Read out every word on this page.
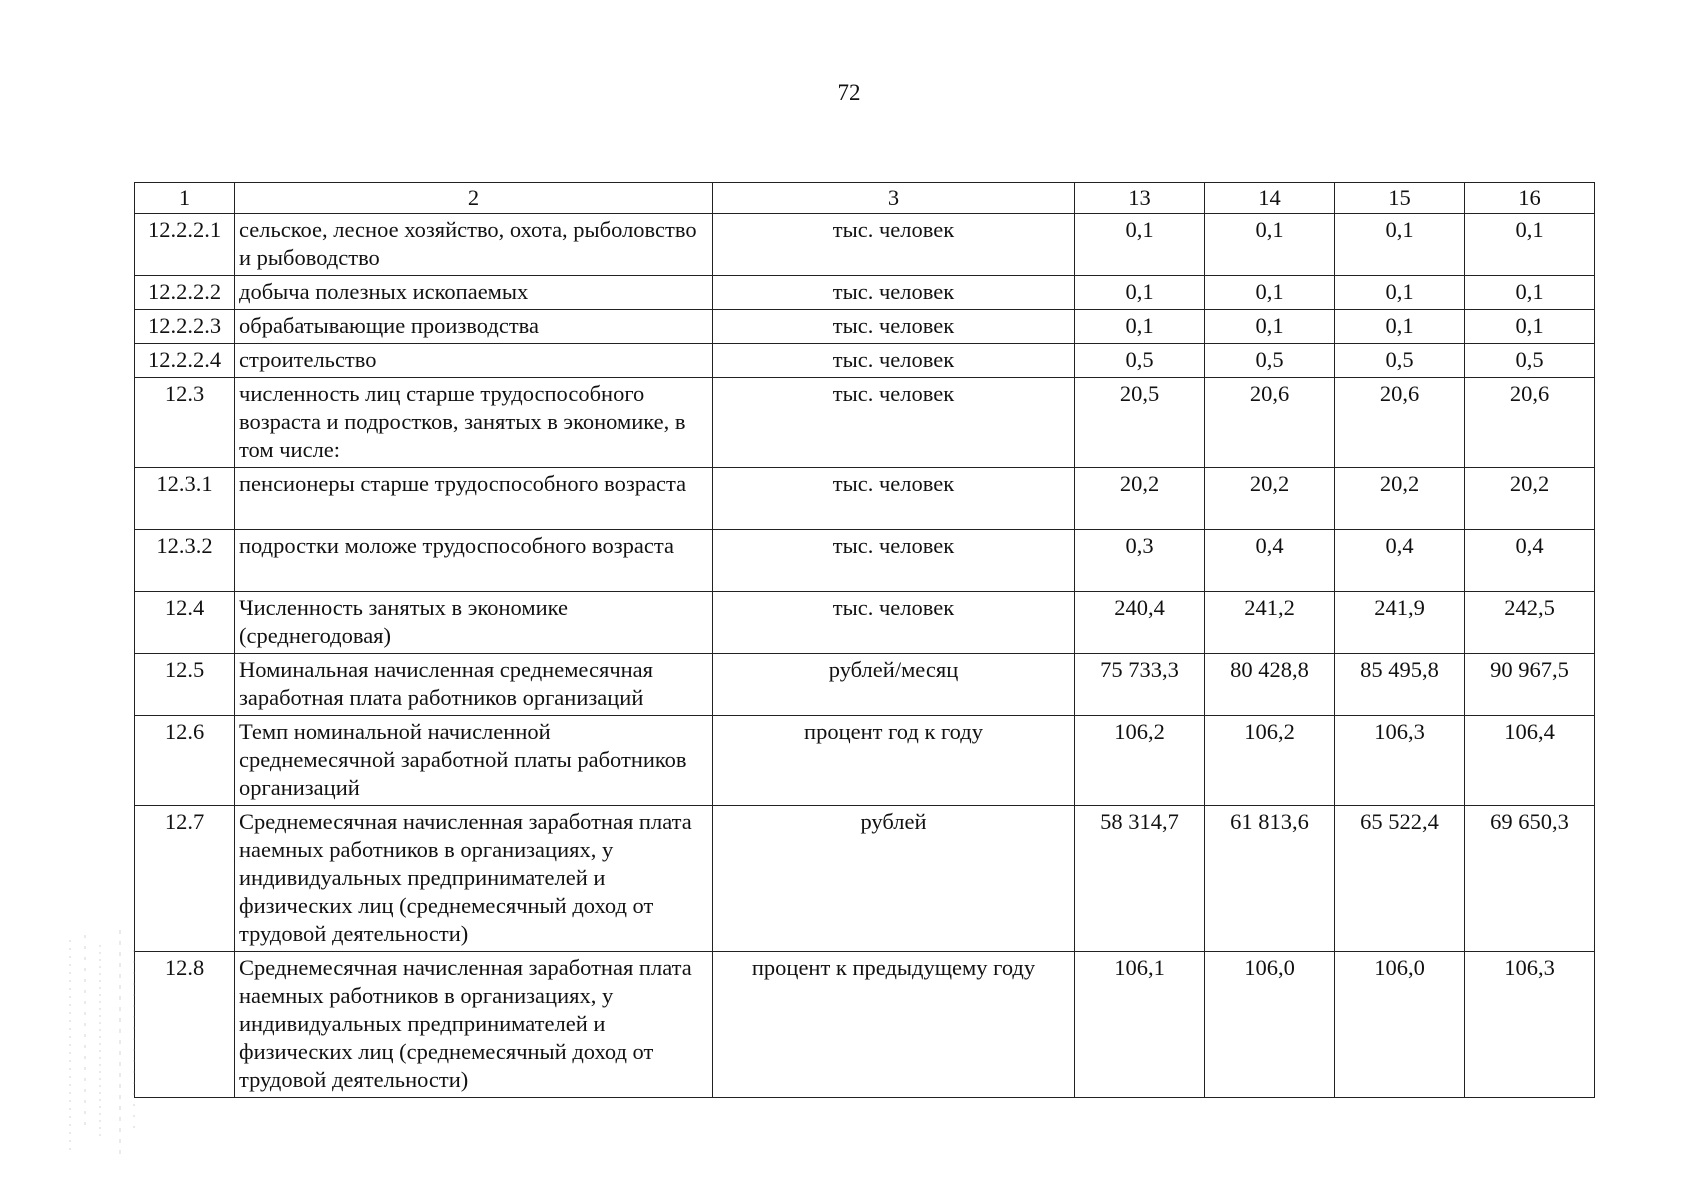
72
1	2	3	13	14	15	16
12.2.2.1	сельское, лесное хозяйство, охота, рыболовство и рыбоводство	тыс. человек	0,1	0,1	0,1	0,1
12.2.2.2	добыча полезных ископаемых	тыс. человек	0,1	0,1	0,1	0,1
12.2.2.3	обрабатывающие производства	тыс. человек	0,1	0,1	0,1	0,1
12.2.2.4	строительство	тыс. человек	0,5	0,5	0,5	0,5
12.3	численность лиц старше трудоспособного возраста и подростков, занятых в экономике, в том числе:	тыс. человек	20,5	20,6	20,6	20,6
12.3.1	пенсионеры старше трудоспособного возраста	тыс. человек	20,2	20,2	20,2	20,2
12.3.2	подростки моложе трудоспособного возраста	тыс. человек	0,3	0,4	0,4	0,4
12.4	Численность занятых в экономике (среднегодовая)	тыс. человек	240,4	241,2	241,9	242,5
12.5	Номинальная начисленная среднемесячная заработная плата работников организаций	рублей/месяц	75 733,3	80 428,8	85 495,8	90 967,5
12.6	Темп номинальной начисленной среднемесячной заработной платы работников организаций	процент год к году	106,2	106,2	106,3	106,4
12.7	Среднемесячная начисленная заработная плата наемных работников в организациях, у индивидуальных предпринимателей и физических лиц (среднемесячный доход от трудовой деятельности)	рублей	58 314,7	61 813,6	65 522,4	69 650,3
12.8	Среднемесячная начисленная заработная плата наемных работников в организациях, у индивидуальных предпринимателей и физических лиц (среднемесячный доход от трудовой деятельности)	процент к предыдущему году	106,1	106,0	106,0	106,3
